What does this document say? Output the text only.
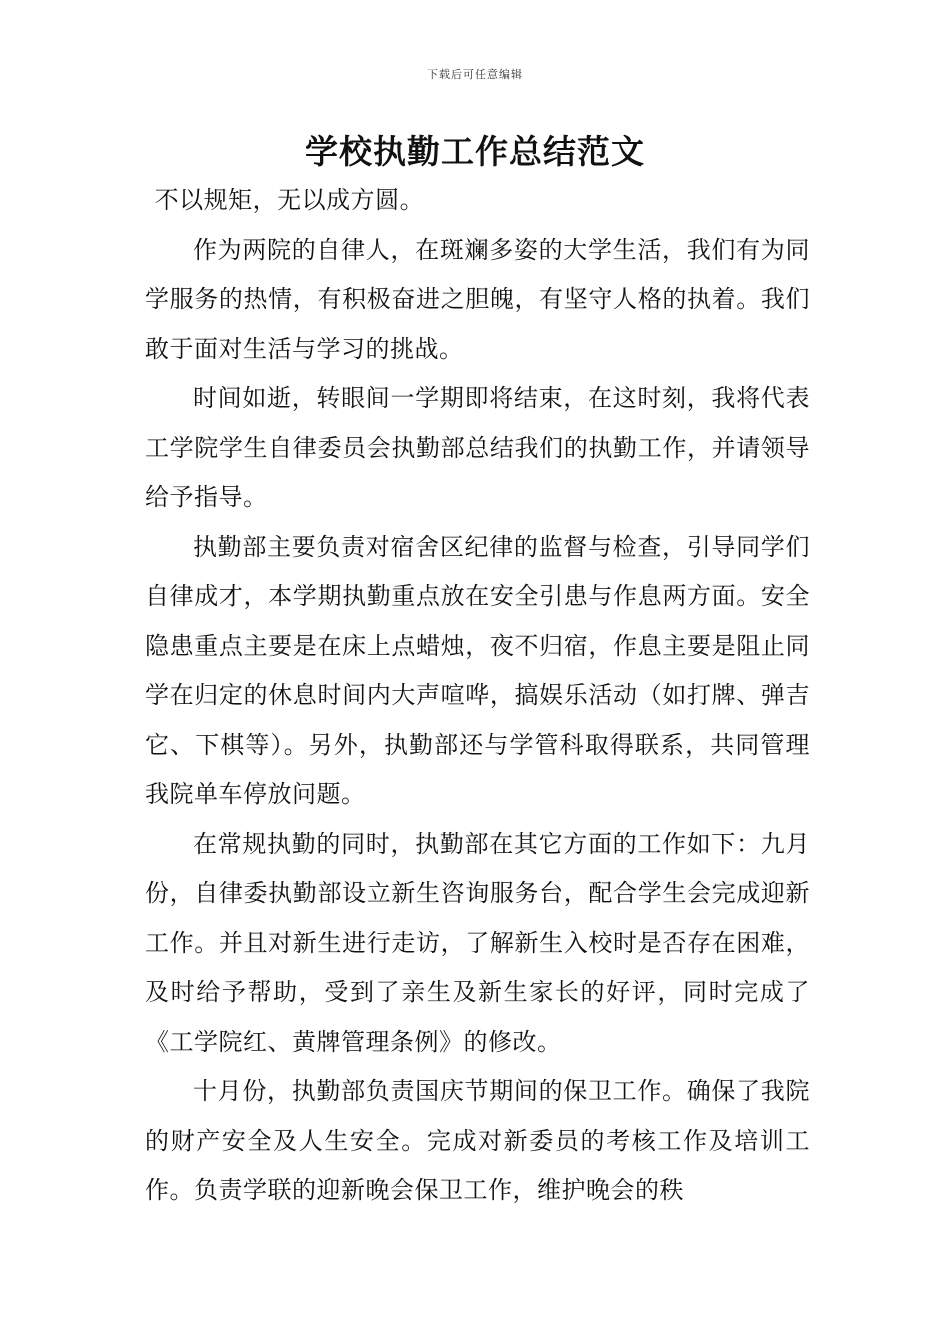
下载后可任意编辑
学校执勤工作总结范文

不以规矩，无以成方圆。

作为两院的自律人，在斑斓多姿的大学生活，我们有为同学服务的热情，有积极奋进之胆魄，有坚守人格的执着。我们敢于面对生活与学习的挑战。

时间如逝，转眼间一学期即将结束，在这时刻，我将代表工学院学生自律委员会执勤部总结我们的执勤工作，并请领导给予指导。

执勤部主要负责对宿舍区纪律的监督与检查，引导同学们自律成才，本学期执勤重点放在安全引患与作息两方面。安全隐患重点主要是在床上点蜡烛，夜不归宿，作息主要是阻止同学在归定的休息时间内大声喧哗，搞娱乐活动（如打牌、弹吉它、下棋等）。另外，执勤部还与学管科取得联系，共同管理我院单车停放问题。

在常规执勤的同时，执勤部在其它方面的工作如下：九月份，自律委执勤部设立新生咨询服务台，配合学生会完成迎新工作。并且对新生进行走访，了解新生入校时是否存在困难，及时给予帮助，受到了亲生及新生家长的好评，同时完成了《工学院红、黄牌管理条例》的修改。

十月份，执勤部负责国庆节期间的保卫工作。确保了我院的财产安全及人生安全。完成对新委员的考核工作及培训工作。负责学联的迎新晚会保卫工作，维护晚会的秩
